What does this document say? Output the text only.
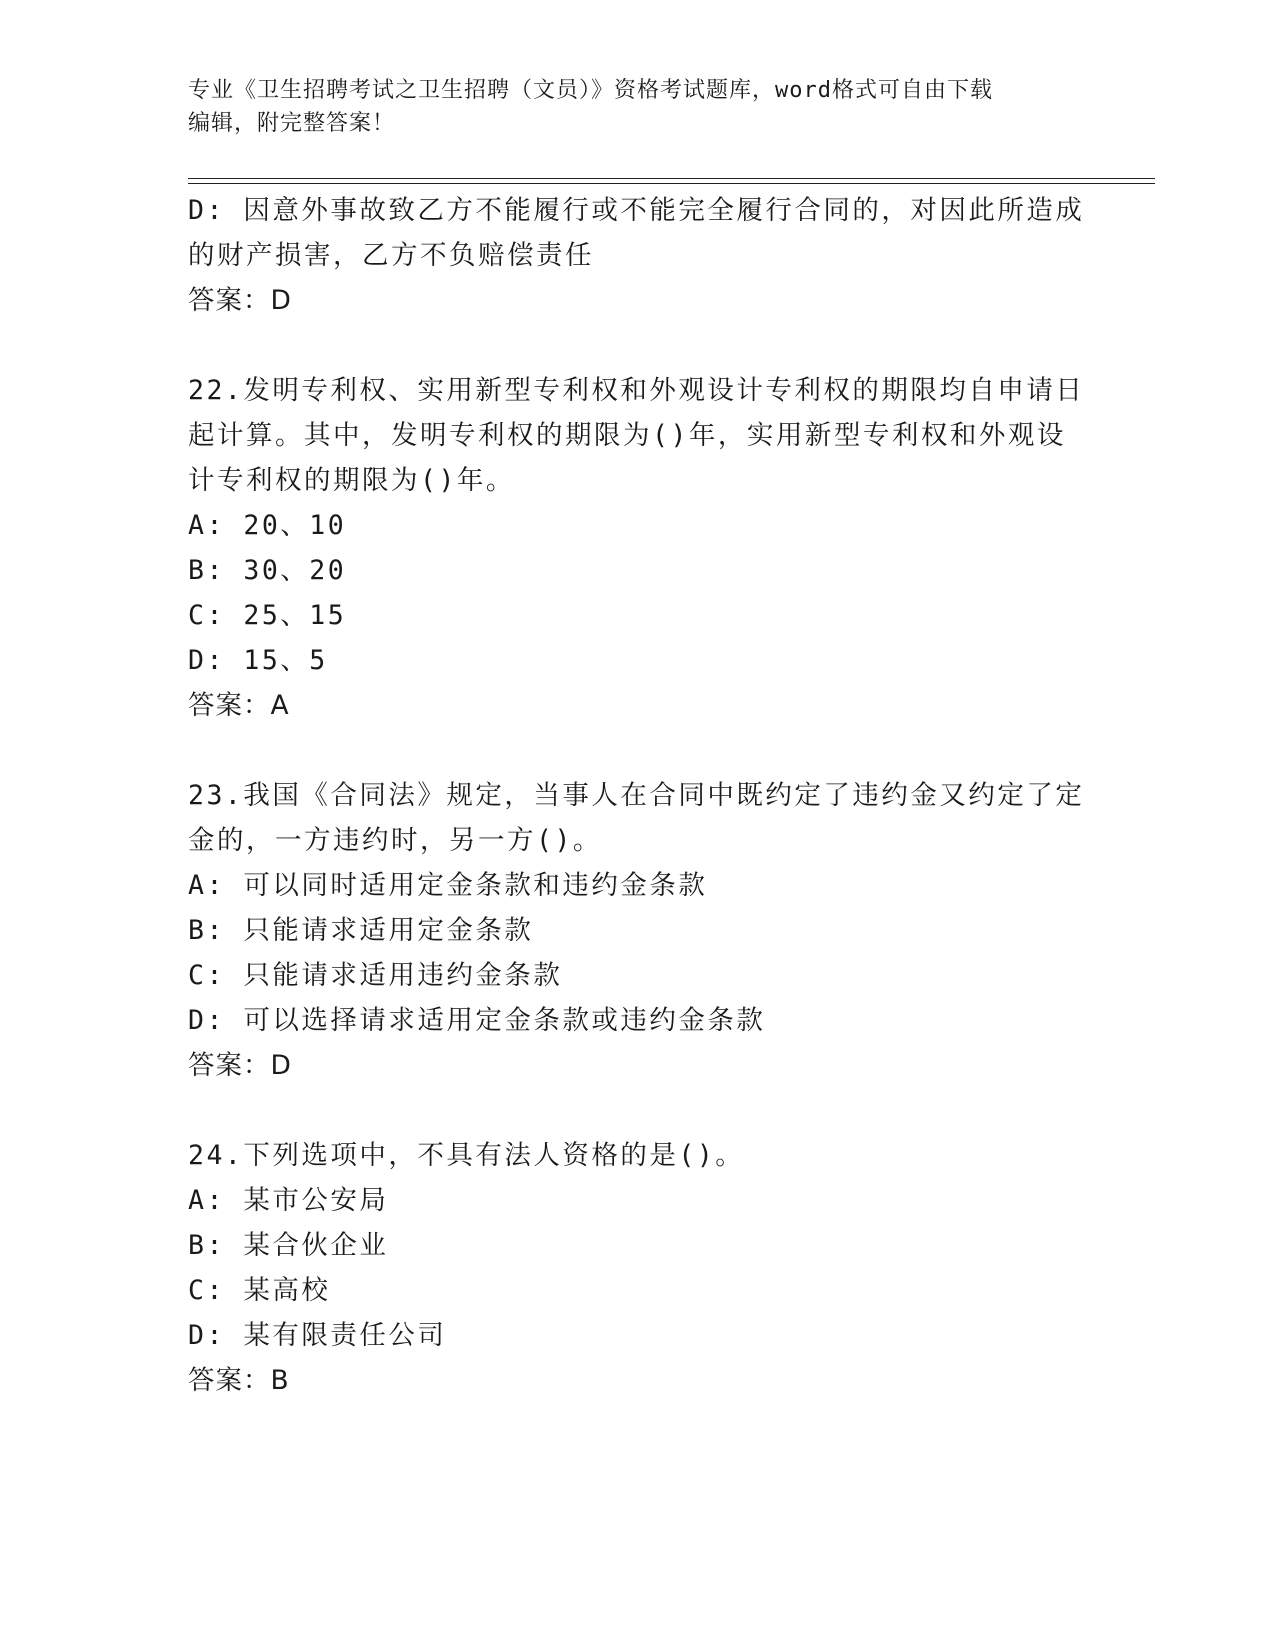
专业《卫生招聘考试之卫生招聘（文员）》资格考试题库，word格式可自由下载
编辑，附完整答案！
D: 因意外事故致乙方不能履行或不能完全履行合同的，对因此所造成
的财产损害，乙方不负赔偿责任
答案：D
22.发明专利权、实用新型专利权和外观设计专利权的期限均自申请日
起计算。其中，发明专利权的期限为()年，实用新型专利权和外观设
计专利权的期限为()年。
A: 20、10
B: 30、20
C: 25、15
D: 15、5
答案：A
23.我国《合同法》规定，当事人在合同中既约定了违约金又约定了定
金的，一方违约时，另一方()。
A: 可以同时适用定金条款和违约金条款
B: 只能请求适用定金条款
C: 只能请求适用违约金条款
D: 可以选择请求适用定金条款或违约金条款
答案：D
24.下列选项中，不具有法人资格的是()。
A: 某市公安局
B: 某合伙企业
C: 某高校
D: 某有限责任公司
答案：B
